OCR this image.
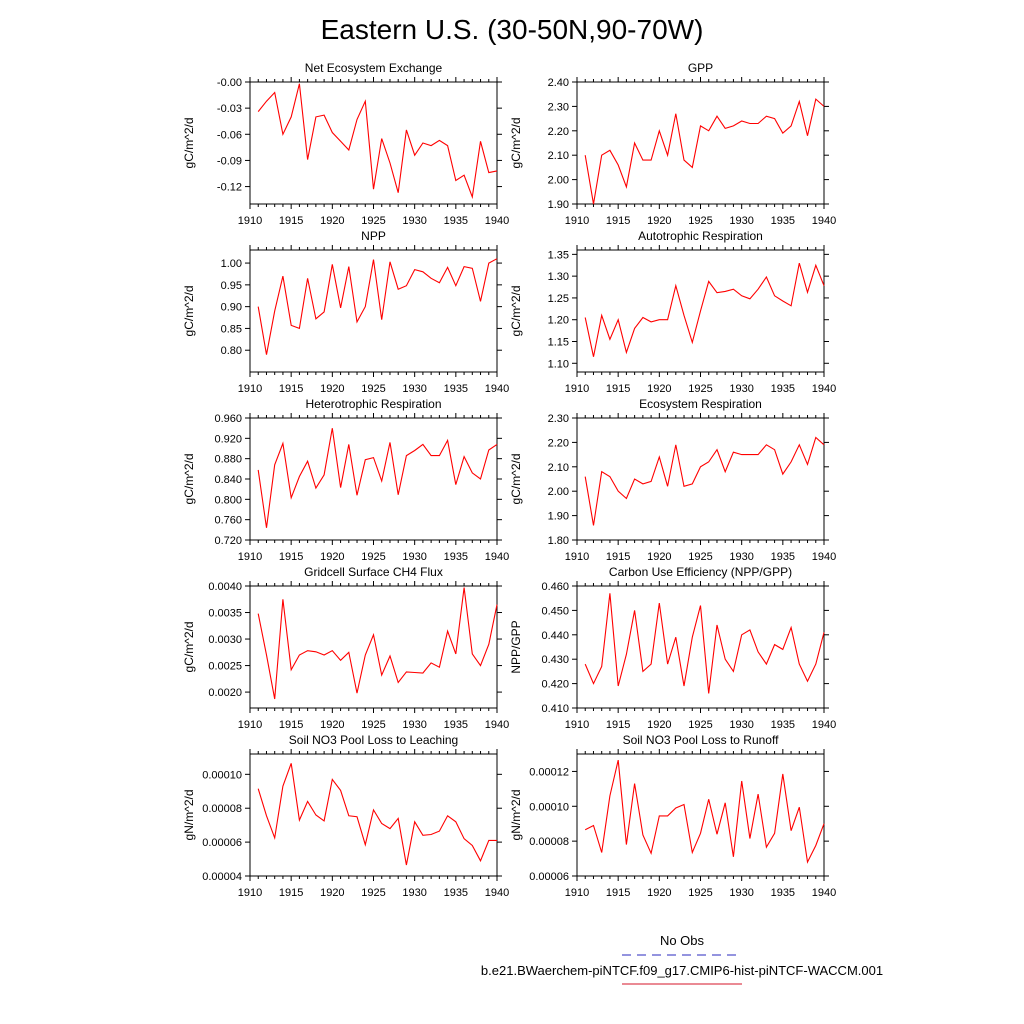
Eastern U.S. (30-50N,90-70W)
Net Ecosystem Exchange
gC/m^2/d
-0.00
-0.03
-0.06
-0.09
-0.12
1910 1915 1920 1925 1930 1935 1940
GPP
gC/m^2/d
1.90
2.00
2.10
2.20
2.30
2.40
1910 1915 1920 1925 1930 1935 1940
NPP
gC/m^2/d
0.80
0.85
0.90
0.95
1.00
1910 1915 1920 1925 1930 1935 1940
Autotrophic Respiration
gC/m^2/d
1.10
1.15
1.20
1.25
1.30
1.35
1910 1915 1920 1925 1930 1935 1940
Heterotrophic Respiration
gC/m^2/d
0.720
0.760
0.800
0.840
0.880
0.920
0.960
1910 1915 1920 1925 1930 1935 1940
Ecosystem Respiration
gC/m^2/d
1.80
1.90
2.00
2.10
2.20
2.30
1910 1915 1920 1925 1930 1935 1940
Gridcell Surface CH4 Flux
gC/m^2/d
0.0020
0.0025
0.0030
0.0035
0.0040
1910 1915 1920 1925 1930 1935 1940
Carbon Use Efficiency (NPP/GPP)
NPP/GPP
0.410
0.420
0.430
0.440
0.450
0.460
1910 1915 1920 1925 1930 1935 1940
Soil NO3 Pool Loss to Leaching
gN/m^2/d
0.00004
0.00006
0.00008
0.00010
1910 1915 1920 1925 1930 1935 1940
Soil NO3 Pool Loss to Runoff
gN/m^2/d
0.00006
0.00008
0.00010
0.00012
1910 1915 1920 1925 1930 1935 1940
No Obs
b.e21.BWaerchem-piNTCF.f09_g17.CMIP6-hist-piNTCF-WACCM.001
